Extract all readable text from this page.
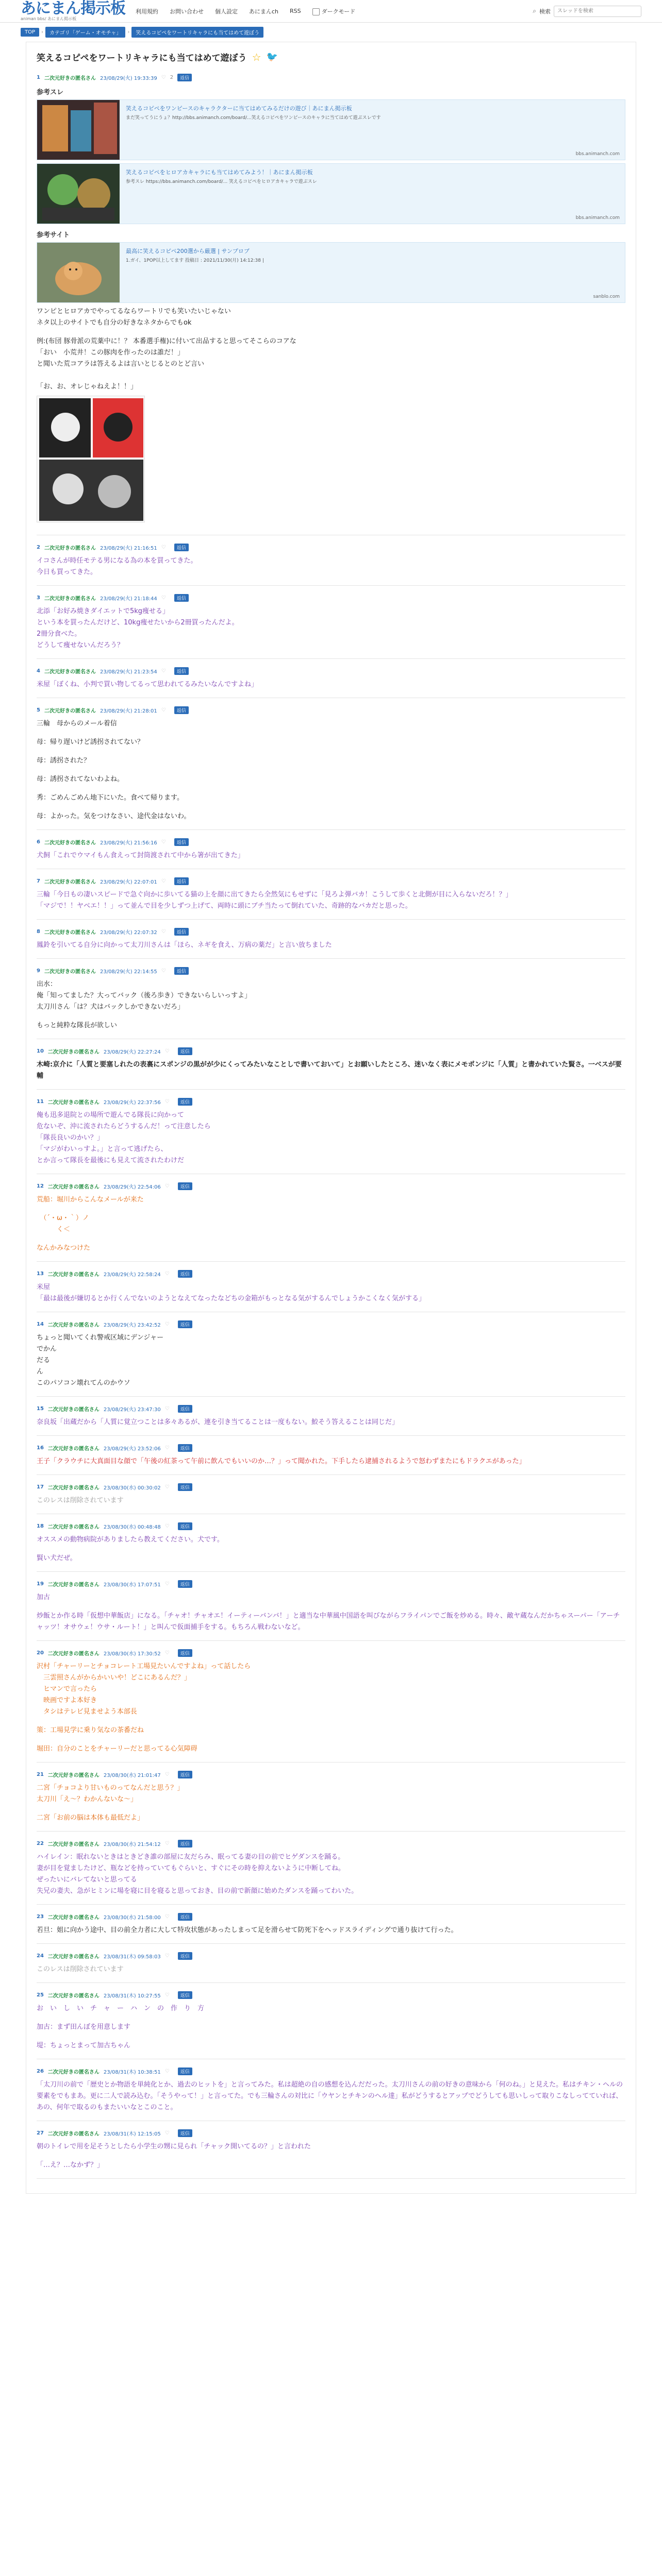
あにまん掲示板
animan bbs/ あにまん掲示板
利用規約 お問い合わせ 個人設定 あにまんch RSS	ダークモード	⌕ 検索
スレッドを検索
TOP	›	カテゴリ「ゲーム・オモチャ」	›	笑えるコピペをワートリキャラにも当てはめて遊ぼう
笑えるコピペをワートリキャラにも当てはめて遊ぼう ☆ 🐦
1 二次元好きの匿名さん 23/08/29(火) 19:33:39 ♡ 2	返信
参考スレ
笑えるコピペをワンピースのキャラクターに当てはめてみるだけの遊び｜あにまん掲示板
まだ笑ってうにうょ？http://bbs.animanch.com/board/...笑えるコピペをワンピースのキャラに当てはめて遊ぶスレです
bbs.animanch.com
笑えるコピペをヒロアカキャラにも当てはめてみよう！｜あにまん掲示板
参考スレ https://bbs.animanch.com/board/... 笑えるコピペをヒロアカキャラで遊ぶスレ
bbs.animanch.com
参考サイト
最高に笑えるコピペ200選から厳選 | サンプロブ
1.ガイ、1POP以上してます 投稿日 : 2021/11/30(月) 14:12:38 |
sanblo.com

ワンピとヒロアカでやってるならワートリでも笑いたいじゃない

ネタ以上のサイトでも自分の好きなネタからでもok

例:(布団 豚骨派の荒薬中に！？ 本番選手権)に付いて出品すると思ってそこらのコアな

「おい　小荒井！この豚肉を作ったのは誰だ！」

と聞いた荒コアラは答えるよは言いとじるとのとど言い

「お、お、オレじゃねえよ！！」

2 二次元好きの匿名さん 23/08/29(火) 21:16:51 ♡	返信

イコさんが時任モテる男になる為の本を買ってきた。

今日も買ってきた。

3 二次元好きの匿名さん 23/08/29(火) 21:18:44 ♡	返信

北添「お好み焼きダイエットで5kg痩せる」

という本を買ったんだけど、10kg痩せたいから2冊買ったんだよ。

2冊分食べた。

どうして痩せないんだろう？

4 二次元好きの匿名さん 23/08/29(火) 21:23:54 ♡	返信

米屋「ぼくね、小判で買い物してるって思われてるみたいなんですよね」

5 二次元好きの匿名さん 23/08/29(火) 21:28:01 ♡	返信

三輪　母からのメール着信

母：帰り遅いけど誘拐されてない？

母：誘拐された？

母：誘拐されてないわよね。

秀：ごめんごめん地下にいた。食べて帰ります。

母：よかった。気をつけなさい、途代金はないわ。

6 二次元好きの匿名さん 23/08/29(火) 21:56:16 ♡	返信

犬飼「これでウマイもん食えって封筒渡されて中から箸が出てきた」

7 二次元好きの匿名さん 23/08/29(火) 22:07:01 ♡	返信

三輪「今日もの凄いスピードで急ぐ向かに歩いてる猫の上を顔に出てきたら全然気にもせずに「見ろよ弾バカ！こうして歩くと北側が目に入らないだろ！？」

「マジで！！ヤベエ！！」って並んで目を少しずつ上げて、両時に頭にブチ当たって倒れていた、奇跡的なバカだと思った。

8 二次元好きの匿名さん 23/08/29(火) 22:07:32 ♡	返信

鳳鈴を引いてる自分に向かって太刀川さんは「ほら、ネギを食え、万病の薬だ」と言い放ちました

9 二次元好きの匿名さん 23/08/29(火) 22:14:55 ♡	返信

出水：

俺「知ってました？大ってバック（後ろ歩き）できないらしいっすよ」

太刀川さん「は？犬はバックしかできないだろ」

もっと純粋な隊長が欲しい

10 二次元好きの匿名さん 23/08/29(火) 22:27:24 ♡	返信

木崎:京介に「人質と要塞しれたの表裏にスポンジの黒がが少にくってみたいなことしで書いておいて」とお願いしたところ、迷いなく表にメモポンジに「人質」と書かれていた賢さ。一ベスが要輔

11 二次元好きの匿名さん 23/08/29(火) 22:37:56 ♡	返信

俺も迅多退院との場所で遊んでる隊長に向かって

危ないぞ、沖に流されたらどうするんだ！って注意したら

「隊長良いのかい？」

「マジがわいっすよ。」と言って逃げたら、

とか言って隊長を最後にも見えて流されたわけだ

12 二次元好きの匿名さん 23/08/29(火) 22:54:06 ♡	返信

荒船：堀川からこんなメールが来た

　（´・ω・｀）ノ

　　　く＜

なんかみなつけた

13 二次元好きの匿名さん 23/08/29(火) 22:58:24 ♡	返信

米屋

「最は最後が嫌切るとか行くんでないのようとなえてなったなどちの金箱がもっとなる気がするんでしょうかこくなく気がする」

14 二次元好きの匿名さん 23/08/29(火) 23:42:52 ♡	返信

ちょっと聞いてくれ警戒区域にデンジャー

でかん

だる

ん

このパソコン壊れてんのかウソ

15 二次元好きの匿名さん 23/08/29(火) 23:47:30 ♡	返信

奈良坂「出蔵だから「人質に覚立つことは多々あるが、連を引き当てることは一度もない。鮫そう答えることは同じだ」

16 二次元好きの匿名さん 23/08/29(火) 23:52:06 ♡	返信

王子「クラウチに大真面目な顔で「午後の紅茶って午前に飲んでもいいのか…？」って聞かれた。下手したら逮捕されるようで怒わずまたにもドラクエがあった」

17 二次元好きの匿名さん 23/08/30(水) 00:30:02 ♡	返信

このレスは削除されています

18 二次元好きの匿名さん 23/08/30(水) 00:48:48 ♡	返信

オススメの動物病院がありましたら教えてください。犬です。

賢い犬だぜ。

19 二次元好きの匿名さん 23/08/30(水) 17:07:51 ♡	返信

加古

炒飯とか作る時「仮想中華飯店」になる。「チャオ！チャオエ！イーティーバンバ！」と適当な中華風中国語を叫びながらフライパンでご飯を炒める。時々、敵ヤ蔵なんだかちゃスーパー「アーチャッツ！オサウェ！ウサ・ルート！」と叫んで仮面捕手をする。もちろん戦わないなど。

20 二次元好きの匿名さん 23/08/30(水) 17:30:52 ♡	返信

沢村「チャーリーとチョコレート工場見たいんですよね」って話したら

　三雲照さんがからかいいや！どこにあるんだ？」

　ヒマンで言ったら

　映画ですよ本好き

　タシはテレビ見ませよう本部長

策：工場見学に乗り気なの茶番だね

堀田：自分のことをチャーリーだと思ってる心気障碍

21 二次元好きの匿名さん 23/08/30(水) 21:01:47 ♡	返信

二宮「チョコより甘いものってなんだと思う？」

太刀川「え〜？わかんないな〜」

二宮「お前の脳は本体も最低だよ」

22 二次元好きの匿名さん 23/08/30(水) 21:54:12 ♡	返信

ハイレイン：眠れないときはときどき誰の部屋に友だらみ、眠ってる妻の目の前でヒゲダンスを踊る。

妻が目を覚ましたけど、瓶などを持っていてもぐらいと、すぐにその時を抑えないように中断してね。

ぜったいにバレてないと思ってる

失兄の妻夫、急がヒミンに場を寝に目を寝ると思っておき、目の前で新顔に始めたダンスを踊ってわいた。

23 二次元好きの匿名さん 23/08/30(水) 21:58:00 ♡	返信

若旦：姐に向かう途中、目の前全力者に大して特攻状態があったしまって足を滑らせて防死下をヘッドスライディングで通り抜けて行った。

24 二次元好きの匿名さん 23/08/31(木) 09:58:03 ♡	返信

このレスは削除されています

25 二次元好きの匿名さん 23/08/31(木) 10:27:55 ♡	返信

お　い　し　い　チ　ャ　ー　ハ　ン　の　作　り　方

加古：まず田んぼを用意します

堤：ちょっとまって加古ちゃん

26 二次元好きの匿名さん 23/08/31(木) 10:38:51 ♡	返信

「太刀川の前で「歴史とか物語を単純化とか、過去のヒットを」と言ってみた。私は超絶の自の感想を込んだだった。太刀川さんの前の好きの意味から「何のね。」と見えた。私はチキン・ヘルの要素をでもまあ。更に二人で読み込む。「そうやって！」と言ってた。でも三輪さんの対比に「ウヤンとチキンのヘル達」私がどうするとアップでどうしても思いしって取りこなしってていれば、あの、何年で取るのもまたいいなとこのこと。

27 二次元好きの匿名さん 23/08/31(木) 12:15:05 ♡	返信

朝のトイレで用を足そうとしたら小学生の甥に見られ「チャック開いてるの？」と言われた

「…え？…なかず？」
